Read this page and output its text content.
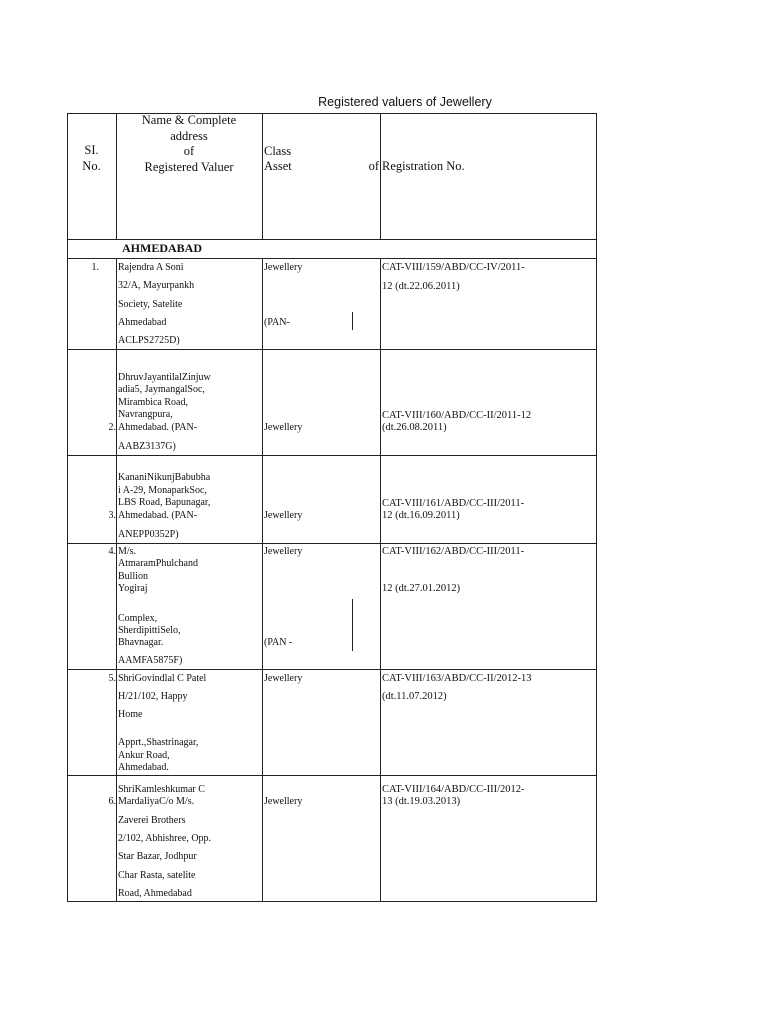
Registered valuers of Jewellery
SI.
No.
Name & Complete
address
of
Registered Valuer
Class
Asset	of Registration No.
AHMEDABAD
1. Rajendra A Soni
32/A, Mayurpankh
Society, Satelite
Ahmedabad
ACLPS2725D)
Jewellery
(PAN-
CAT-VIII/159/ABD/CC-IV/2011-
12 (dt.22.06.2011)
2.
DhruvJayantilalZinjuw
adia5, JaymangalSoc,
Mirambica Road,
Navrangpura,
Ahmedabad. (PAN-
AABZ3137G)
Jewellery
CAT-VIII/160/ABD/CC-II/2011-12
(dt.26.08.2011)
3.
KananiNikunjBabubha
i A-29, MonaparkSoc,
LBS Road, Bapunagar,
Ahmedabad. (PAN-
ANEPP0352P)
Jewellery
CAT-VIII/161/ABD/CC-III/2011-
12 (dt.16.09.2011)
4. M/s.
AtmaramPhulchand
Bullion
Yogiraj
Complex,
SherdipittiSelo,
Bhavnagar.
AAMFA5875F)
Jewellery
(PAN -
CAT-VIII/162/ABD/CC-III/2011-
12 (dt.27.01.2012)
5. ShriGovindlal C Patel
H/21/102, Happy
Home
Apprt.,Shastrinagar,
Ankur Road,
Ahmedabad.
Jewellery	CAT-VIII/163/ABD/CC-II/2012-13
(dt.11.07.2012)
6.
ShriKamleshkumar C
MardaliyaC/o M/s.
Zaverei Brothers
2/102, Abhishree, Opp.
Star Bazar, Jodhpur
Char Rasta, satelite
Road, Ahmedabad
Jewellery
CAT-VIII/164/ABD/CC-III/2012-
13 (dt.19.03.2013)
